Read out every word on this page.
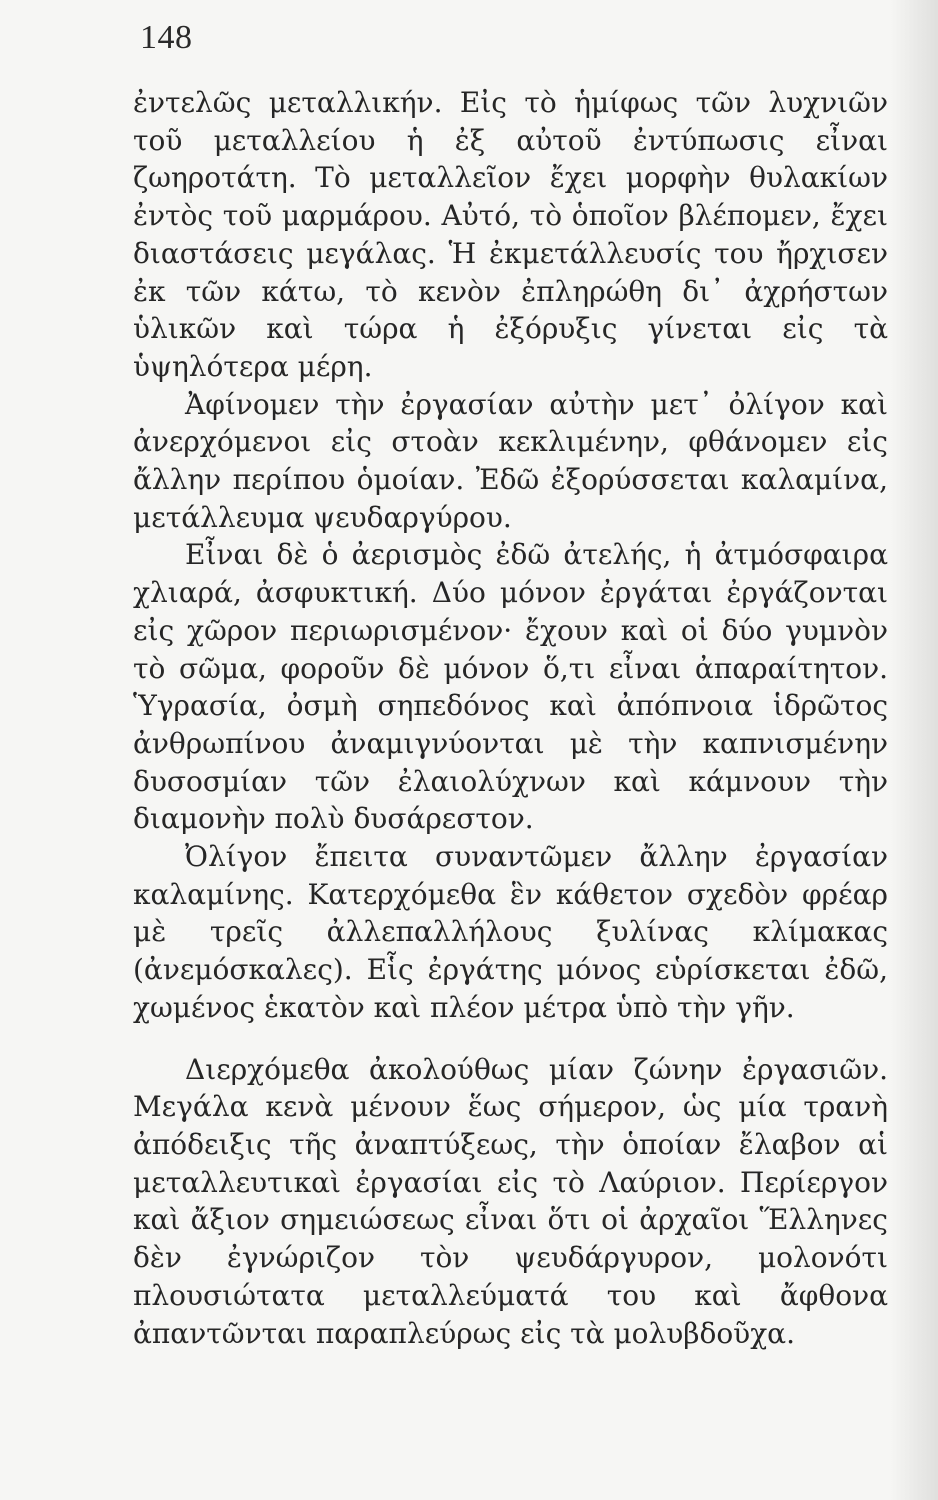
148

ἐντελῶς μεταλλικήν. Εἰς τὸ ἡμίφως τῶν λυχνιῶν τοῦ μεταλλείου ἡ ἐξ αὐτοῦ ἐντύπωσις εἶναι ζωηροτάτη. Τὸ μεταλλεῖον ἔχει μορφὴν θυλακίων ἐντὸς τοῦ μαρμάρου. Αὐτό, τὸ ὁποῖον βλέπομεν, ἔχει διαστάσεις μεγάλας. Ἡ ἐκμετάλλευσίς του ἤρχισεν ἐκ τῶν κάτω, τὸ κενὸν ἐπληρώθη δι᾽ ἀχρήστων ὑλικῶν καὶ τώρα ἡ ἐξόρυξις γίνεται εἰς τὰ ὑψηλότερα μέρη.

Ἀφίνομεν τὴν ἐργασίαν αὐτὴν μετ᾽ ὀλίγον καὶ ἀνερχόμενοι εἰς στοὰν κεκλιμένην, φθάνομεν εἰς ἄλλην περίπου ὁμοίαν. Ἐδῶ ἐξορύσσεται καλαμίνα, μετάλλευμα ψευδαργύρου.

Εἶναι δὲ ὁ ἀερισμὸς ἐδῶ ἀτελής, ἡ ἀτμόσφαιρα χλιαρά, ἀσφυκτική. Δύο μόνον ἐργάται ἐργάζονται εἰς χῶρον περιωρισμένον· ἔχουν καὶ οἱ δύο γυμνὸν τὸ σῶμα, φοροῦν δὲ μόνον ὅ,τι εἶναι ἀπαραίτητον. Ὑγρασία, ὀσμὴ σηπεδόνος καὶ ἀπόπνοια ἱδρῶτος ἀνθρωπίνου ἀναμιγνύονται μὲ τὴν καπνισμένην δυσοσμίαν τῶν ἐλαιολύχνων καὶ κάμνουν τὴν διαμονὴν πολὺ δυσάρεστον.

Ὀλίγον ἔπειτα συναντῶμεν ἄλλην ἐργασίαν καλαμίνης. Κατερχόμεθα ἓν κάθετον σχεδὸν φρέαρ μὲ τρεῖς ἀλλεπαλλήλους ξυλίνας κλίμακας (ἀνεμόσκαλες). Εἷς ἐργάτης μόνος εὑρίσκεται ἐδῶ, χωμένος ἑκατὸν καὶ πλέον μέτρα ὑπὸ τὴν γῆν.

Διερχόμεθα ἀκολούθως μίαν ζώνην ἐργασιῶν. Μεγάλα κενὰ μένουν ἕως σήμερον, ὡς μία τρανὴ ἀπόδειξις τῆς ἀναπτύξεως, τὴν ὁποίαν ἔλαβον αἱ μεταλλευτικαὶ ἐργασίαι εἰς τὸ Λαύριον. Περίεργον καὶ ἄξιον σημειώσεως εἶναι ὅτι οἱ ἀρχαῖοι Ἕλληνες δὲν ἐγνώριζον τὸν ψευδάργυρον, μολονότι πλουσιώτατα μεταλλεύματά του καὶ ἄφθονα ἀπαντῶνται παραπλεύρως εἰς τὰ μολυβδοῦχα.
